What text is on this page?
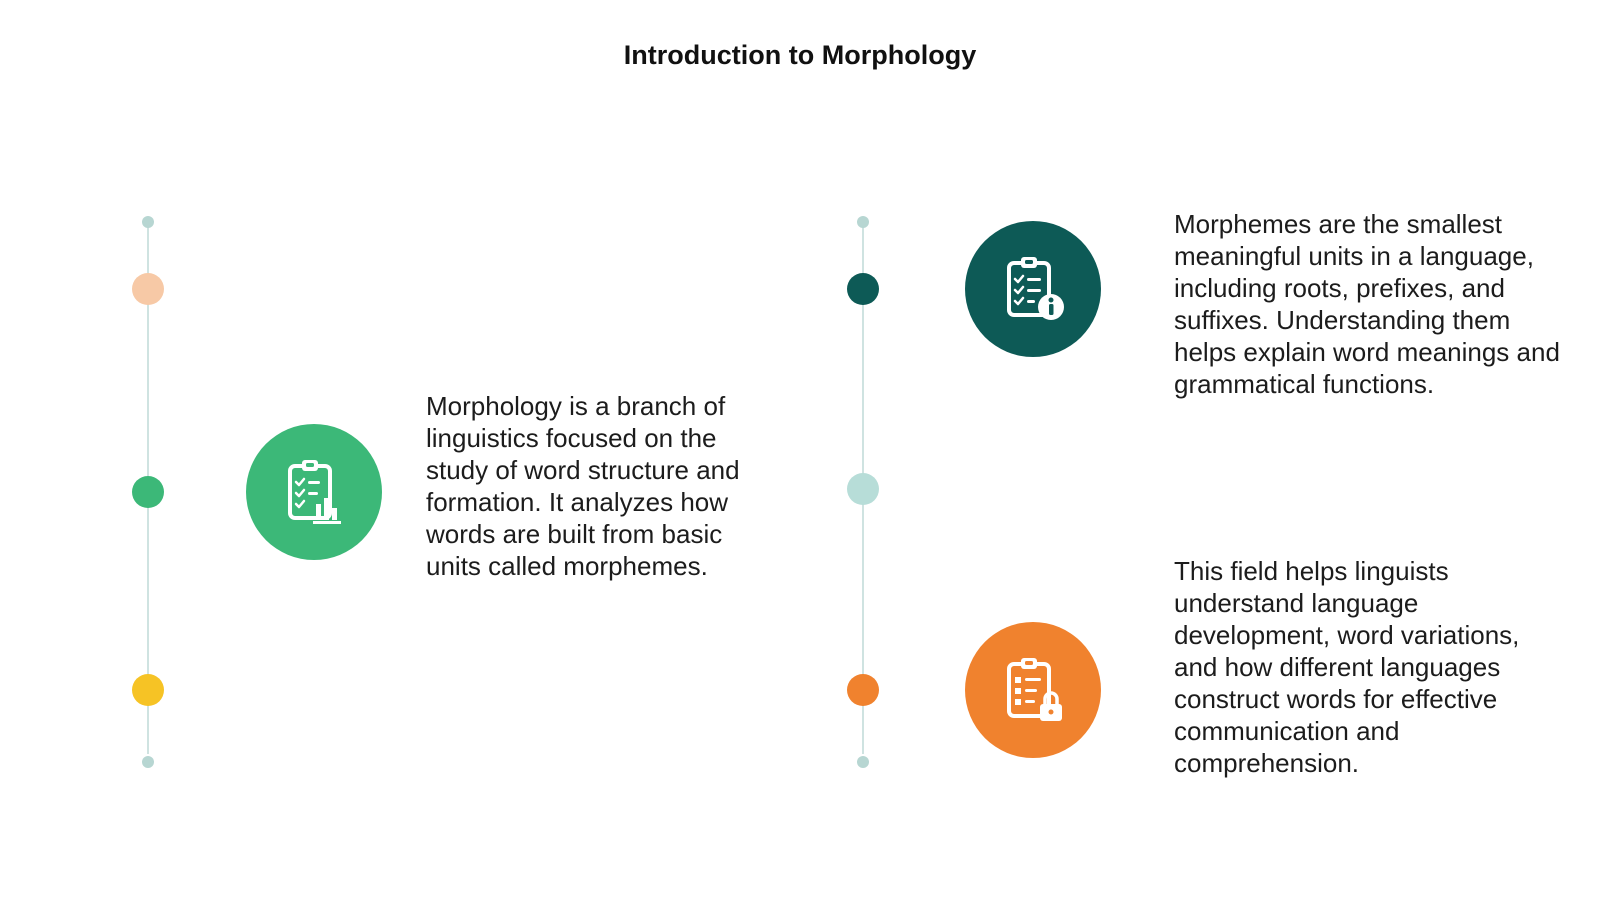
Introduction to Morphology
Morphology is a branch of linguistics focused on the study of word structure and formation. It analyzes how words are built from basic units called morphemes.
Morphemes are the smallest meaningful units in a language, including roots, prefixes, and suffixes. Understanding them helps explain word meanings and grammatical functions.
This field helps linguists understand language development, word variations, and how different languages construct words for effective communication and comprehension.
